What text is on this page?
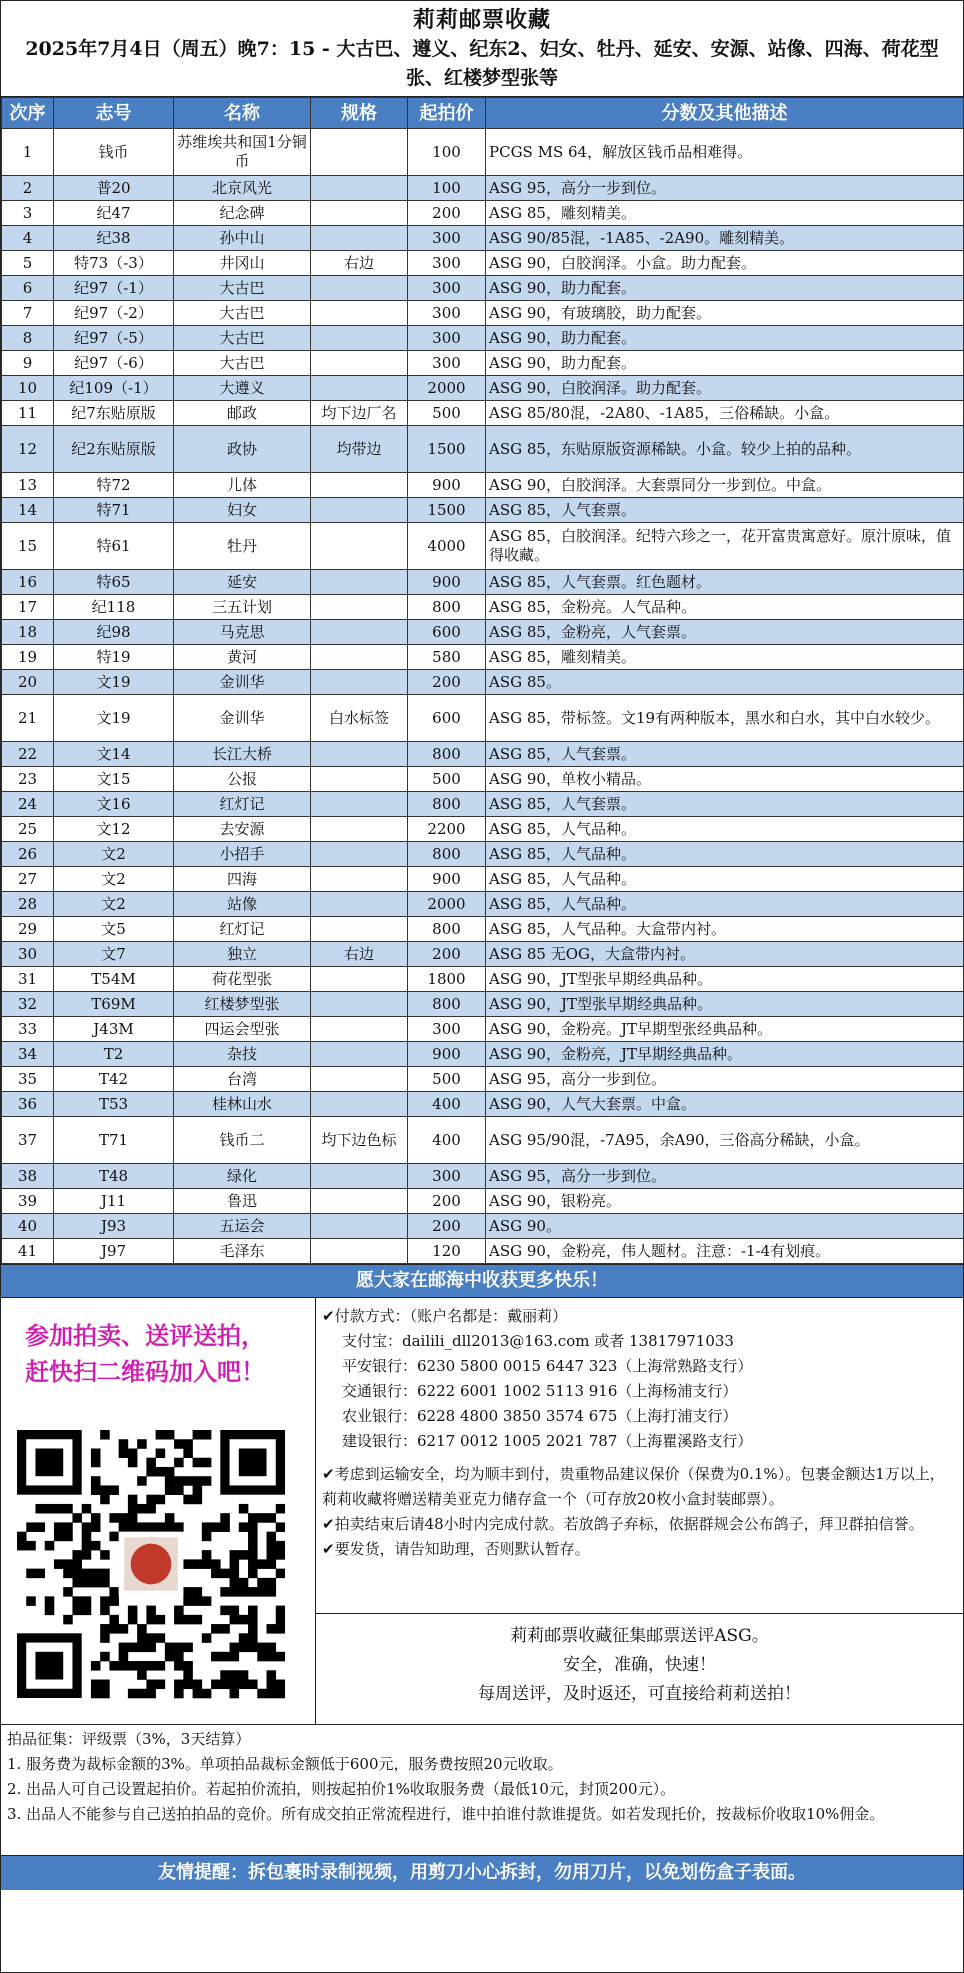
莉莉邮票收藏
2025年7月4日（周五）晚7：15 - 大古巴、遵义、纪东2、妇女、牡丹、延安、安源、站像、四海、荷花型张、红楼梦型张等
次序	志号	名称	规格	起拍价	分数及其他描述
1	钱币	苏维埃共和国1分铜币		100	PCGS MS 64，解放区钱币品相难得。
2	普20	北京风光		100	ASG 95，高分一步到位。
3	纪47	纪念碑		200	ASG 85，雕刻精美。
4	纪38	孙中山		300	ASG 90/85混，-1A85、-2A90。雕刻精美。
5	特73（-3）	井冈山	右边	300	ASG 90，白胶润泽。小盒。助力配套。
6	纪97（-1）	大古巴		300	ASG 90，助力配套。
7	纪97（-2）	大古巴		300	ASG 90，有玻璃胶，助力配套。
8	纪97（-5）	大古巴		300	ASG 90，助力配套。
9	纪97（-6）	大古巴		300	ASG 90，助力配套。
10	纪109（-1）	大遵义		2000	ASG 90，白胶润泽。助力配套。
11	纪7东贴原版	邮政	均下边厂名	500	ASG 85/80混，-2A80、-1A85，三俗稀缺。小盒。
12	纪2东贴原版	政协	均带边	1500	ASG 85，东贴原版资源稀缺。小盒。较少上拍的品种。
13	特72	儿体		900	ASG 90，白胶润泽。大套票同分一步到位。中盒。
14	特71	妇女		1500	ASG 85，人气套票。
15	特61	牡丹		4000	ASG 85，白胶润泽。纪特六珍之一，花开富贵寓意好。原汁原味，值得收藏。
16	特65	延安		900	ASG 85，人气套票。红色题材。
17	纪118	三五计划		800	ASG 85，金粉亮。人气品种。
18	纪98	马克思		600	ASG 85，金粉亮，人气套票。
19	特19	黄河		580	ASG 85，雕刻精美。
20	文19	金训华		200	ASG 85。
21	文19	金训华	白水标签	600	ASG 85，带标签。文19有两种版本，黑水和白水，其中白水较少。
22	文14	长江大桥		800	ASG 85，人气套票。
23	文15	公报		500	ASG 90，单枚小精品。
24	文16	红灯记		800	ASG 85，人气套票。
25	文12	去安源		2200	ASG 85，人气品种。
26	文2	小招手		800	ASG 85，人气品种。
27	文2	四海		900	ASG 85，人气品种。
28	文2	站像		2000	ASG 85，人气品种。
29	文5	红灯记		800	ASG 85，人气品种。大盒带内衬。
30	文7	独立	右边	200	ASG 85 无OG，大盒带内衬。
31	T54M	荷花型张		1800	ASG 90，JT型张早期经典品种。
32	T69M	红楼梦型张		800	ASG 90，JT型张早期经典品种。
33	J43M	四运会型张		300	ASG 90，金粉亮。JT早期型张经典品种。
34	T2	杂技		900	ASG 90，金粉亮，JT早期经典品种。
35	T42	台湾		500	ASG 95，高分一步到位。
36	T53	桂林山水		400	ASG 90，人气大套票。中盒。
37	T71	钱币二	均下边色标	400	ASG 95/90混，-7A95，余A90，三俗高分稀缺，小盒。
38	T48	绿化		300	ASG 95，高分一步到位。
39	J11	鲁迅		200	ASG 90，银粉亮。
40	J93	五运会		200	ASG 90。
41	J97	毛泽东		120	ASG 90，金粉亮，伟人题材。注意：-1-4有划痕。
愿大家在邮海中收获更多快乐！
参加拍卖、送评送拍，
赶快扫二维码加入吧！
✔付款方式：（账户名都是：戴丽莉）
支付宝：dailili_dll2013@163.com 或者 13817971033
平安银行：6230 5800 0015 6447 323（上海常熟路支行）
交通银行：6222 6001 1002 5113 916（上海杨浦支行）
农业银行：6228 4800 3850 3574 675（上海打浦支行）
建设银行：6217 0012 1005 2021 787（上海瞿溪路支行）
✔考虑到运输安全，均为顺丰到付，贵重物品建议保价（保费为0.1%）。包裹金额达1万以上，莉莉收藏将赠送精美亚克力储存盒一个（可存放20枚小盒封装邮票）。
✔拍卖结束后请48小时内完成付款。若放鸽子弃标，依据群规会公布鸽子，拜卫群拍信誉。
✔要发货，请告知助理，否则默认暂存。
莉莉邮票收藏征集邮票送评ASG。
安全，准确，快速！
每周送评，及时返还，可直接给莉莉送拍！
拍品征集：评级票（3%，3天结算）
1. 服务费为裁标金额的3%。单项拍品裁标金额低于600元，服务费按照20元收取。
2. 出品人可自己设置起拍价。若起拍价流拍，则按起拍价1%收取服务费（最低10元，封顶200元）。
3. 出品人不能参与自己送拍拍品的竞价。所有成交拍正常流程进行，谁中拍谁付款谁提货。如若发现托价，按裁标价收取10%佣金。
友情提醒：拆包裹时录制视频，用剪刀小心拆封，勿用刀片，以免划伤盒子表面。
